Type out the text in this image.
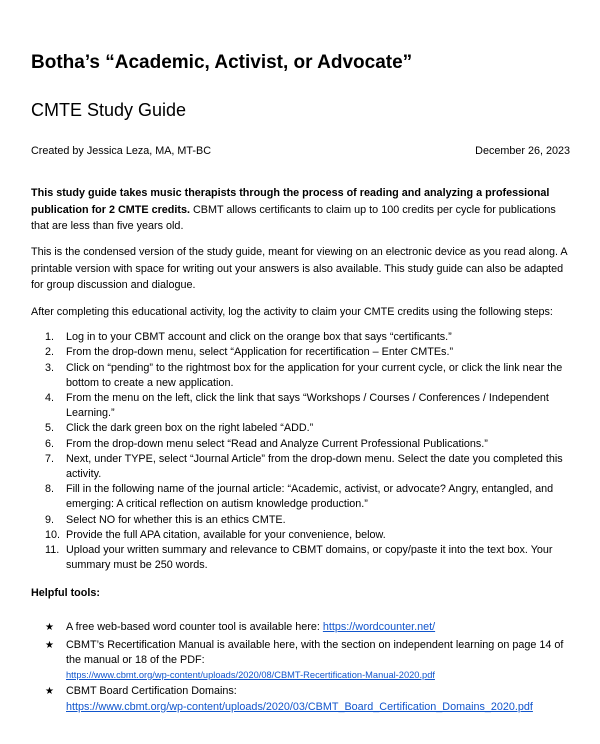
Botha’s “Academic, Activist, or Advocate”
CMTE Study Guide
Created by Jessica Leza, MA, MT-BC	December 26, 2023

This study guide takes music therapists through the process of reading and analyzing a professional publication for 2 CMTE credits. CBMT allows certificants to claim up to 100 credits per cycle for publications that are less than five years old.

This is the condensed version of the study guide, meant for viewing on an electronic device as you read along. A printable version with space for writing out your answers is also available. This study guide can also be adapted for group discussion and dialogue.

After completing this educational activity, log the activity to claim your CMTE credits using the following steps:

1.	Log in to your CBMT account and click on the orange box that says “certificants.”
2.	From the drop-down menu, select “Application for recertification – Enter CMTEs.”
3.	Click on “pending” to the rightmost box for the application for your current cycle, or click the link near the bottom to create a new application.
4.	From the menu on the left, click the link that says “Workshops / Courses / Conferences / Independent Learning.”
5.	Click the dark green box on the right labeled “ADD.”
6.	From the drop-down menu select “Read and Analyze Current Professional Publications.”
7.	Next, under TYPE, select “Journal Article” from the drop-down menu. Select the date you completed this activity.
8.	Fill in the following name of the journal article: “Academic, activist, or advocate? Angry, entangled, and emerging: A critical reflection on autism knowledge production.”
9.	Select NO for whether this is an ethics CMTE.
10. Provide the full APA citation, available for your convenience, below.
11. Upload your written summary and relevance to CBMT domains, or copy/paste it into the text box. Your summary must be 250 words.

Helpful tools:

★	A free web-based word counter tool is available here: https://wordcounter.net/
★	CBMT’s Recertification Manual is available here, with the section on independent learning on page 14 of the manual or 18 of the PDF:
https://www.cbmt.org/wp-content/uploads/2020/08/CBMT-Recertification-Manual-2020.pdf
★	CBMT Board Certification Domains:
https://www.cbmt.org/wp-content/uploads/2020/03/CBMT_Board_Certification_Domains_2020.pdf
